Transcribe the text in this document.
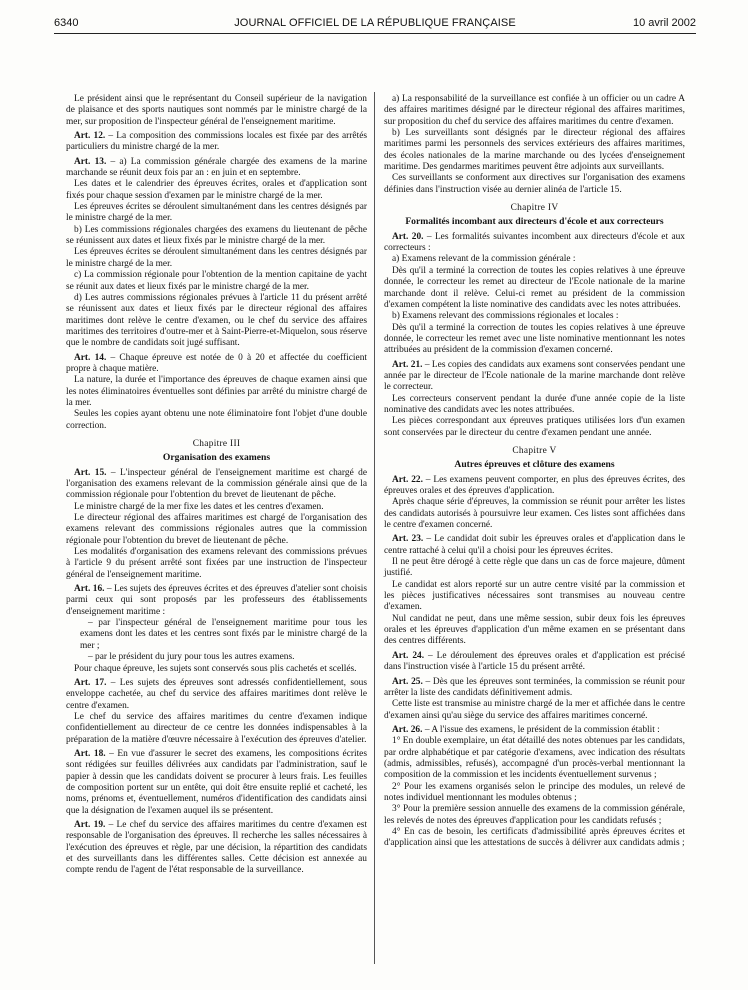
6340	JOURNAL OFFICIEL DE LA RÉPUBLIQUE FRANÇAISE	10 avril 2002

Le président ainsi que le représentant du Conseil supérieur de la navigation de plaisance et des sports nautiques sont nommés par le ministre chargé de la mer, sur proposition de l'inspecteur général de l'enseignement maritime.

Art. 12. – La composition des commissions locales est fixée par des arrêtés particuliers du ministre chargé de la mer.

Art. 13. – a) La commission générale chargée des examens de la marine marchande se réunit deux fois par an : en juin et en septembre.

Les dates et le calendrier des épreuves écrites, orales et d'application sont fixés pour chaque session d'examen par le ministre chargé de la mer.

Les épreuves écrites se déroulent simultanément dans les centres désignés par le ministre chargé de la mer.

b) Les commissions régionales chargées des examens du lieutenant de pêche se réunissent aux dates et lieux fixés par le ministre chargé de la mer.

Les épreuves écrites se déroulent simultanément dans les centres désignés par le ministre chargé de la mer.

c) La commission régionale pour l'obtention de la mention capitaine de yacht se réunit aux dates et lieux fixés par le ministre chargé de la mer.

d) Les autres commissions régionales prévues à l'article 11 du présent arrêté se réunissent aux dates et lieux fixés par le directeur régional des affaires maritimes dont relève le centre d'examen, ou le chef du service des affaires maritimes des territoires d'outre-mer et à Saint-Pierre-et-Miquelon, sous réserve que le nombre de candidats soit jugé suffisant.

Art. 14. – Chaque épreuve est notée de 0 à 20 et affectée du coefficient propre à chaque matière.

La nature, la durée et l'importance des épreuves de chaque examen ainsi que les notes éliminatoires éventuelles sont définies par arrêté du ministre chargé de la mer.

Seules les copies ayant obtenu une note éliminatoire font l'objet d'une double correction.

Chapitre III
Organisation des examens

Art. 15. – L'inspecteur général de l'enseignement maritime est chargé de l'organisation des examens relevant de la commission générale ainsi que de la commission régionale pour l'obtention du brevet de lieutenant de pêche.

Le ministre chargé de la mer fixe les dates et les centres d'examen.

Le directeur régional des affaires maritimes est chargé de l'organisation des examens relevant des commissions régionales autres que la commission régionale pour l'obtention du brevet de lieutenant de pêche.

Les modalités d'organisation des examens relevant des commissions prévues à l'article 9 du présent arrêté sont fixées par une instruction de l'inspecteur général de l'enseignement maritime.

Art. 16. – Les sujets des épreuves écrites et des épreuves d'atelier sont choisis parmi ceux qui sont proposés par les professeurs des établissements d'enseignement maritime :

– par l'inspecteur général de l'enseignement maritime pour tous les examens dont les dates et les centres sont fixés par le ministre chargé de la mer ;

– par le président du jury pour tous les autres examens.

Pour chaque épreuve, les sujets sont conservés sous plis cachetés et scellés.

Art. 17. – Les sujets des épreuves sont adressés confidentiellement, sous enveloppe cachetée, au chef du service des affaires maritimes dont relève le centre d'examen.

Le chef du service des affaires maritimes du centre d'examen indique confidentiellement au directeur de ce centre les données indispensables à la préparation de la matière d'œuvre nécessaire à l'exécution des épreuves d'atelier.

Art. 18. – En vue d'assurer le secret des examens, les compositions écrites sont rédigées sur feuilles délivrées aux candidats par l'administration, sauf le papier à dessin que les candidats doivent se procurer à leurs frais. Les feuilles de composition portent sur un entête, qui doit être ensuite replié et cacheté, les noms, prénoms et, éventuellement, numéros d'identification des candidats ainsi que la désignation de l'examen auquel ils se présentent.

Art. 19. – Le chef du service des affaires maritimes du centre d'examen est responsable de l'organisation des épreuves. Il recherche les salles nécessaires à l'exécution des épreuves et règle, par une décision, la répartition des candidats et des surveillants dans les différentes salles. Cette décision est annexée au compte rendu de l'agent de l'état responsable de la surveillance.

a) La responsabilité de la surveillance est confiée à un officier ou un cadre A des affaires maritimes désigné par le directeur régional des affaires maritimes, sur proposition du chef du service des affaires maritimes du centre d'examen.

b) Les surveillants sont désignés par le directeur régional des affaires maritimes parmi les personnels des services extérieurs des affaires maritimes, des écoles nationales de la marine marchande ou des lycées d'enseignement maritime. Des gendarmes maritimes peuvent être adjoints aux surveillants.

Ces surveillants se conforment aux directives sur l'organisation des examens définies dans l'instruction visée au dernier alinéa de l'article 15.

Chapitre IV
Formalités incombant aux directeurs d'école et aux correcteurs

Art. 20. – Les formalités suivantes incombent aux directeurs d'école et aux correcteurs :

a) Examens relevant de la commission générale :

Dès qu'il a terminé la correction de toutes les copies relatives à une épreuve donnée, le correcteur les remet au directeur de l'Ecole nationale de la marine marchande dont il relève. Celui-ci remet au président de la commission d'examen compétent la liste nominative des candidats avec les notes attribuées.

b) Examens relevant des commissions régionales et locales :

Dès qu'il a terminé la correction de toutes les copies relatives à une épreuve donnée, le correcteur les remet avec une liste nominative mentionnant les notes attribuées au président de la commission d'examen concerné.

Art. 21. – Les copies des candidats aux examens sont conservées pendant une année par le directeur de l'Ecole nationale de la marine marchande dont relève le correcteur.

Les correcteurs conservent pendant la durée d'une année copie de la liste nominative des candidats avec les notes attribuées.

Les pièces correspondant aux épreuves pratiques utilisées lors d'un examen sont conservées par le directeur du centre d'examen pendant une année.

Chapitre V
Autres épreuves et clôture des examens

Art. 22. – Les examens peuvent comporter, en plus des épreuves écrites, des épreuves orales et des épreuves d'application.

Après chaque série d'épreuves, la commission se réunit pour arrêter les listes des candidats autorisés à poursuivre leur examen. Ces listes sont affichées dans le centre d'examen concerné.

Art. 23. – Le candidat doit subir les épreuves orales et d'application dans le centre rattaché à celui qu'il a choisi pour les épreuves écrites.

Il ne peut être dérogé à cette règle que dans un cas de force majeure, dûment justifié.

Le candidat est alors reporté sur un autre centre visité par la commission et les pièces justificatives nécessaires sont transmises au nouveau centre d'examen.

Nul candidat ne peut, dans une même session, subir deux fois les épreuves orales et les épreuves d'application d'un même examen en se présentant dans des centres différents.

Art. 24. – Le déroulement des épreuves orales et d'application est précisé dans l'instruction visée à l'article 15 du présent arrêté.

Art. 25. – Dès que les épreuves sont terminées, la commission se réunit pour arrêter la liste des candidats définitivement admis.

Cette liste est transmise au ministre chargé de la mer et affichée dans le centre d'examen ainsi qu'au siège du service des affaires maritimes concerné.

Art. 26. – A l'issue des examens, le président de la commission établit :

1° En double exemplaire, un état détaillé des notes obtenues par les candidats, par ordre alphabétique et par catégorie d'examens, avec indication des résultats (admis, admissibles, refusés), accompagné d'un procès-verbal mentionnant la composition de la commission et les incidents éventuellement survenus ;

2° Pour les examens organisés selon le principe des modules, un relevé de notes individuel mentionnant les modules obtenus ;

3° Pour la première session annuelle des examens de la commission générale, les relevés de notes des épreuves d'application pour les candidats refusés ;

4° En cas de besoin, les certificats d'admissibilité après épreuves écrites et d'application ainsi que les attestations de succès à délivrer aux candidats admis ;
